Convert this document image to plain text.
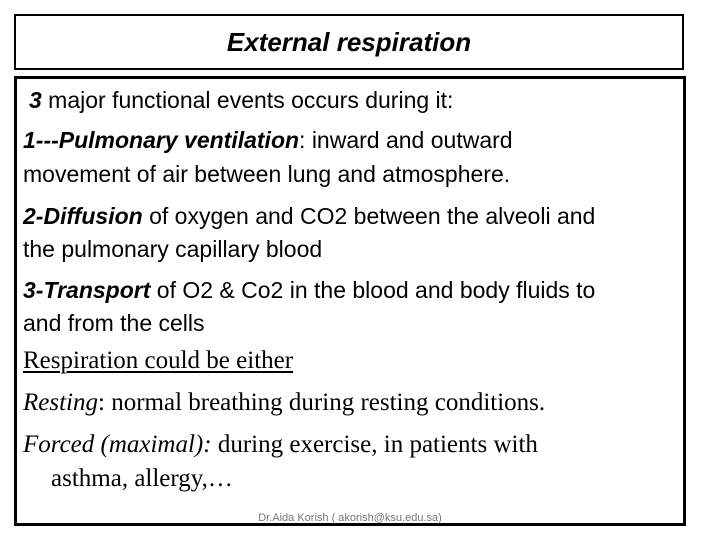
External respiration
3 major functional events occurs during it:
1---Pulmonary ventilation: inward and outward
movement of air between lung and atmosphere.
2-Diffusion of oxygen and CO2 between the alveoli and
the pulmonary capillary blood
3-Transport of O2 & Co2 in the blood and body fluids to
and from the cells
Respiration could be either
Resting: normal breathing during resting conditions.
Forced (maximal): during exercise, in patients with
asthma, allergy,…
Dr.Aida Korish ( akorish@ksu.edu.sa)
